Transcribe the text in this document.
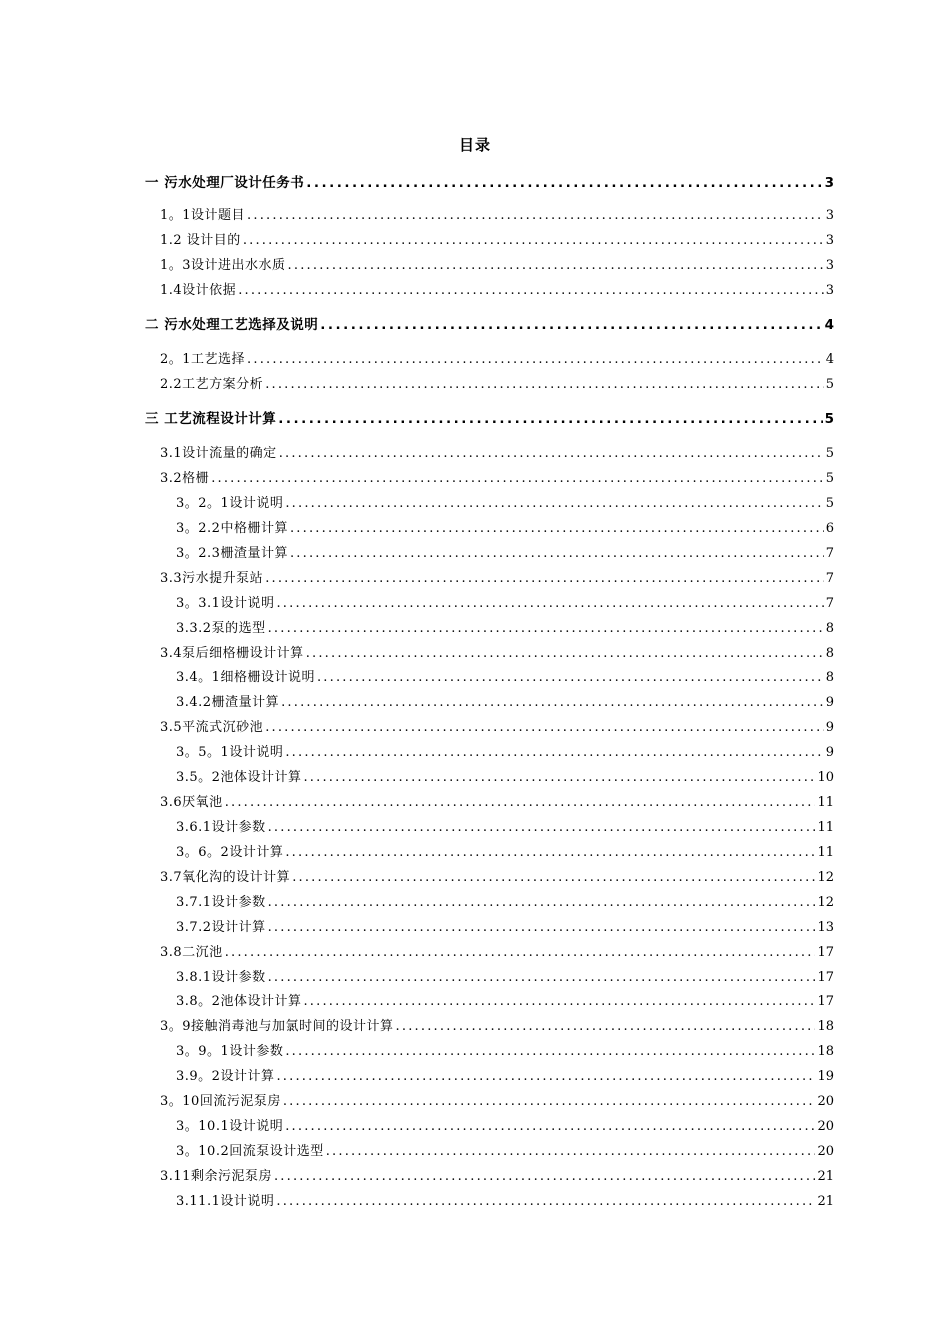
目录
一 污水处理厂设计任务书 .....	3
1。1设计题目 .....	3
1.2 设计目的 .....	3
1。3设计进出水水质 .....	3
1.4设计依据 .....	3
二 污水处理工艺选择及说明 .....	4
2。1工艺选择 .....	4
2.2工艺方案分析 .....	5
三 工艺流程设计计算 .....	5
3.1设计流量的确定 .....	5
3.2格栅 .....	5
3。2。1设计说明 .....	5
3。2.2中格栅计算 .....	6
3。2.3栅渣量计算 .....	7
3.3污水提升泵站 .....	7
3。3.1设计说明 .....	7
3.3.2泵的选型 .....	8
3.4泵后细格栅设计计算 .....	8
3.4。1细格栅设计说明 .....	8
3.4.2栅渣量计算 .....	9
3.5平流式沉砂池 .....	9
3。5。1设计说明 .....	9
3.5。2池体设计计算 .....	10
3.6厌氧池 .....	11
3.6.1设计参数 .....	11
3。6。2设计计算 .....	11
3.7氧化沟的设计计算 .....	12
3.7.1设计参数 .....	12
3.7.2设计计算 .....	13
3.8二沉池 .....	17
3.8.1设计参数 .....	17
3.8。2池体设计计算 .....	17
3。9接触消毒池与加氯时间的设计计算 .....	18
3。9。1设计参数 .....	18
3.9。2设计计算 .....	19
3。10回流污泥泵房 .....	20
3。10.1设计说明 .....	20
3。10.2回流泵设计选型 .....	20
3.11剩余污泥泵房 .....	21
3.11.1设计说明 .....	21
